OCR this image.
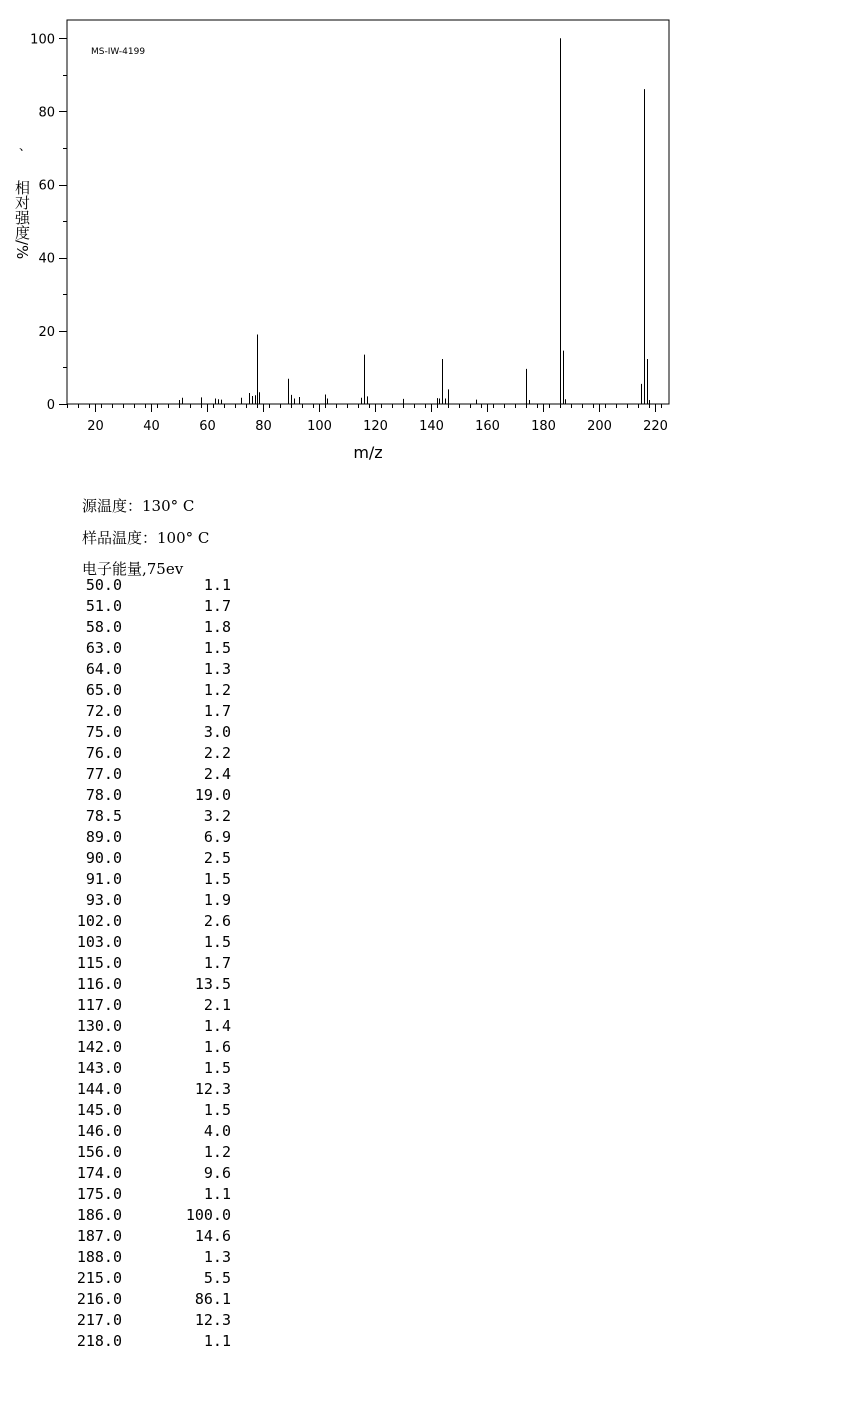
20	40	60	80	100 120 140 160 180 200 220
0
20
40
60
80
100
MS-IW-4199
m/z
、
相对强度/%
源温度：130° C
样品温度：100° C
电子能量,75ev
50.0	1.1
51.0	1.7
58.0	1.8
63.0	1.5
64.0	1.3
65.0	1.2
72.0	1.7
75.0	3.0
76.0	2.2
77.0	2.4
78.0	19.0
78.5	3.2
89.0	6.9
90.0	2.5
91.0	1.5
93.0	1.9
102.0	2.6
103.0	1.5
115.0	1.7
116.0	13.5
117.0	2.1
130.0	1.4
142.0	1.6
143.0	1.5
144.0	12.3
145.0	1.5
146.0	4.0
156.0	1.2
174.0	9.6
175.0	1.1
186.0	100.0
187.0	14.6
188.0	1.3
215.0	5.5
216.0	86.1
217.0	12.3
218.0	1.1
